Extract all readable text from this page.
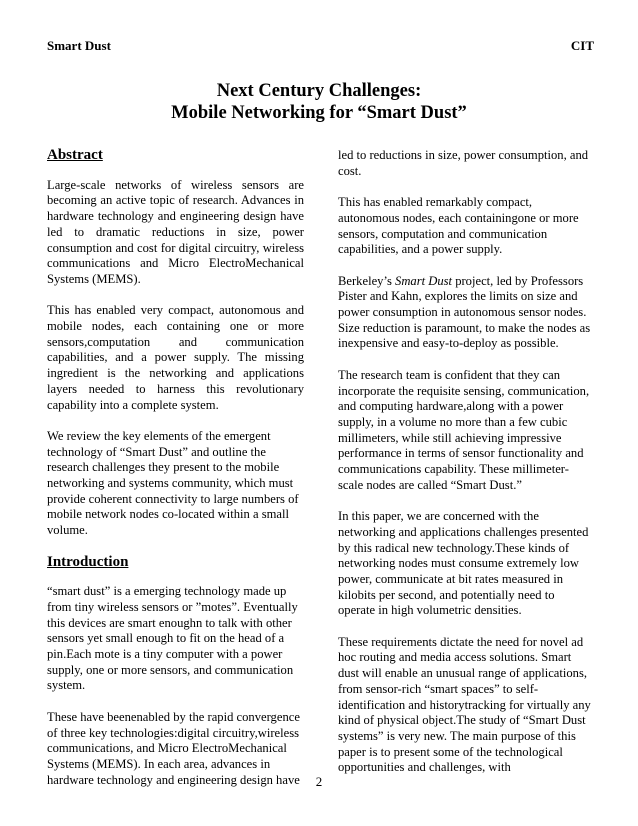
Smart Dust	CIT
Next Century Challenges:
Mobile Networking for “Smart Dust”
Abstract

Large-scale networks of wireless sensors are becoming an active topic of research. Advances in hardware technology and engineering design have led to dramatic reductions in size, power consumption and cost for digital circuitry, wireless communications and Micro ElectroMechanical Systems (MEMS).

This has enabled very compact, autonomous and mobile nodes, each containing one or more sensors,computation and communication capabilities, and a power supply. The missing ingredient is the networking and applications layers needed to harness this revolutionary capability into a complete system.

We review the key elements of the emergent technology of “Smart Dust” and outline the research challenges they present to the mobile networking and systems community, which must provide coherent connectivity to large numbers of mobile network nodes co-located within a small volume.

Introduction

“smart dust” is a emerging technology made up from tiny wireless sensors or ”motes”. Eventually this devices are smart enoughn to talk with other sensors yet small enough to fit on the head of a pin.Each mote is a tiny computer with a power supply, one or more sensors, and communication system.

These have beenenabled by the rapid convergence of three key technologies:digital circuitry,wireless communications, and Micro ElectroMechanical Systems (MEMS). In each area, advances in hardware technology and engineering design have

led to reductions in size, power consumption, and cost.

This has enabled remarkably compact, autonomous nodes, each containingone or more sensors, computation and communication capabilities, and a power supply.

Berkeley’s Smart Dust project, led by Professors Pister and Kahn, explores the limits on size and power consumption in autonomous sensor nodes. Size reduction is paramount, to make the nodes as inexpensive and easy-to-deploy as possible.

The research team is confident that they can incorporate the requisite sensing, communication, and computing hardware,along with a power supply, in a volume no more than a few cubic millimeters, while still achieving impressive performance in terms of sensor functionality and communications capability. These millimeter-scale nodes are called “Smart Dust.”

In this paper, we are concerned with the networking and applications challenges presented by this radical new technology.These kinds of networking nodes must consume extremely low power, communicate at bit rates measured in kilobits per second, and potentially need to operate in high volumetric densities.

These requirements dictate the need for novel ad hoc routing and media access solutions. Smart dust will enable an unusual range of applications, from sensor-rich “smart spaces” to self-identification and historytracking for virtually any kind of physical object.The study of “Smart Dust systems” is very new. The main purpose of this paper is to present some of the technological opportunities and challenges, with

2
